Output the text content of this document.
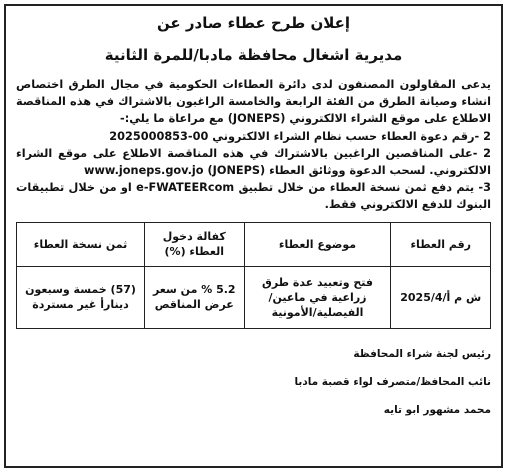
إعلان طرح عطاء صادر عن
مديرية اشغال محافظة مادبا/للمرة الثانية

يدعى المقاولون المصنفون لدى دائرة العطاءات الحكومية في مجال الطرق اختصاص انشاء وصيانة الطرق من الفئة الرابعة والخامسة الراغبون بالاشتراك في هذه المناقصة الاطلاع على موقع الشراء الالكتروني (JONEPS) مع مراعاة ما يلي:-

2 -رقم دعوة العطاء حسب نظام الشراء الالكتروني 00-2025000853

2 -على المناقصين الراغبين بالاشتراك في هذه المناقصة الاطلاع على موقع الشراء الالكتروني. لسحب الدعوة ووثائق العطاء www.joneps.gov.jo (JONEPS)

3- يتم دفع ثمن نسخة العطاء من خلال تطبيق e-FWATEERcom او من خلال تطبيقات البنوك للدفع الالكتروني فقط.

رقم العطاء	موضوع العطاء	كفالة دخول العطاء (%)	ثمن نسخة العطاء
ش م أ/2025/4	فتح وتعبيد عدة طرق زراعية في ماعين/ الفيصلية/الأمونية	5.2 % من سعر عرض المناقص	(57) خمسة وسبعون دينارأ غير مستردة
رئيس لجنة شراء المحافظة
نائب المحافظ/متصرف لواء قصبة مادبا
محمد مشهور ابو تايه
